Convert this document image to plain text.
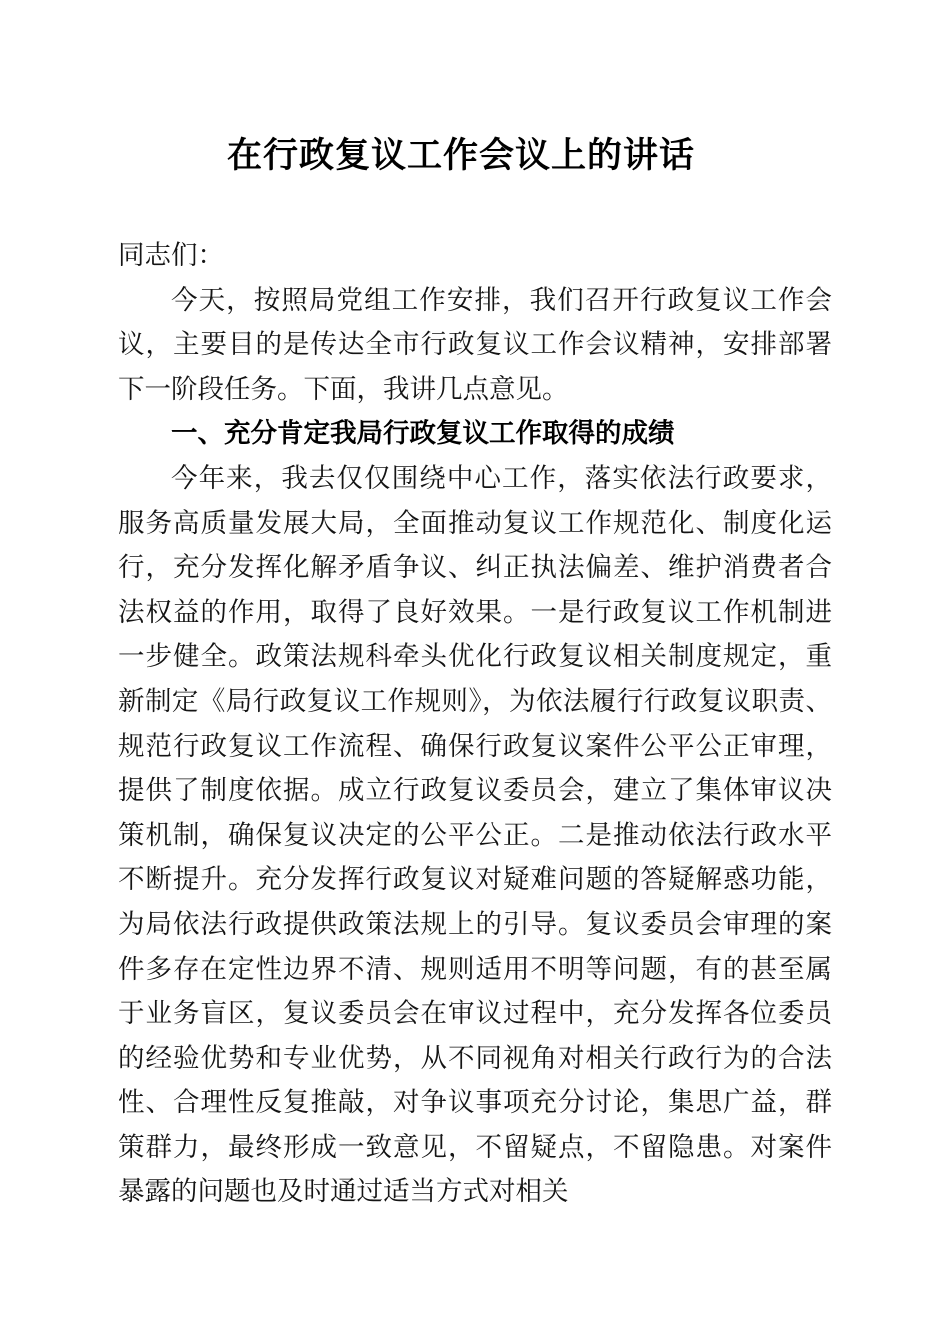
在行政复议工作会议上的讲话

同志们：

今天，按照局党组工作安排，我们召开行政复议工作会议，主要目的是传达全市行政复议工作会议精神，安排部署下一阶段任务。下面，我讲几点意见。

一、充分肯定我局行政复议工作取得的成绩

今年来，我去仅仅围绕中心工作，落实依法行政要求，服务高质量发展大局，全面推动复议工作规范化、制度化运行，充分发挥化解矛盾争议、纠正执法偏差、维护消费者合法权益的作用，取得了良好效果。一是行政复议工作机制进一步健全。政策法规科牵头优化行政复议相关制度规定，重新制定《局行政复议工作规则》，为依法履行行政复议职责、规范行政复议工作流程、确保行政复议案件公平公正审理，提供了制度依据。成立行政复议委员会，建立了集体审议决策机制，确保复议决定的公平公正。二是推动依法行政水平不断提升。充分发挥行政复议对疑难问题的答疑解惑功能，为局依法行政提供政策法规上的引导。复议委员会审理的案件多存在定性边界不清、规则适用不明等问题，有的甚至属于业务盲区，复议委员会在审议过程中，充分发挥各位委员的经验优势和专业优势，从不同视角对相关行政行为的合法性、合理性反复推敲，对争议事项充分讨论，集思广益，群策群力，最终形成一致意见，不留疑点，不留隐患。对案件暴露的问题也及时通过适当方式对相关
